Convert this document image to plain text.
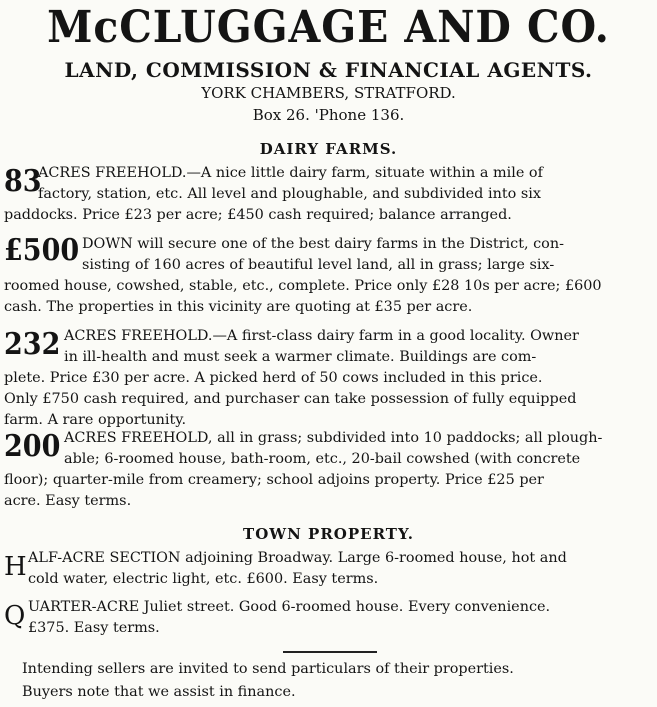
McCLUGGAGE AND CO.
LAND, COMMISSION & FINANCIAL AGENTS.
YORK CHAMBERS, STRATFORD.
Box 26. 'Phone 136.
DAIRY FARMS.
83
ACRES FREEHOLD.—A nice little dairy farm, situate within a mile of
factory, station, etc. All level and ploughable, and subdivided into six
paddocks. Price £23 per acre; £450 cash required; balance arranged.
£500 DOWN will secure one of the best dairy farms in the District, con-
sisting of 160 acres of beautiful level land, all in grass; large six-
roomed house, cowshed, stable, etc., complete. Price only £28 10s per acre; £600
cash. The properties in this vicinity are quoting at £35 per acre.
232 ACRES FREEHOLD.—A first-class dairy farm in a good locality. Owner
in ill-health and must seek a warmer climate. Buildings are com-
plete. Price £30 per acre. A picked herd of 50 cows included in this price.
Only £750 cash required, and purchaser can take possession of fully equipped
farm. A rare opportunity.
200 ACRES FREEHOLD, all in grass; subdivided into 10 paddocks; all plough-
able; 6-roomed house, bath-room, etc., 20-bail cowshed (with concrete
floor); quarter-mile from creamery; school adjoins property. Price £25 per
acre. Easy terms.
TOWN PROPERTY.
H ALF-ACRE SECTION adjoining Broadway. Large 6-roomed house, hot and
cold water, electric light, etc. £600. Easy terms.
Q UARTER-ACRE Juliet street. Good 6-roomed house. Every convenience.
£375. Easy terms.
Intending sellers are invited to send particulars of their properties.
Buyers note that we assist in finance.
